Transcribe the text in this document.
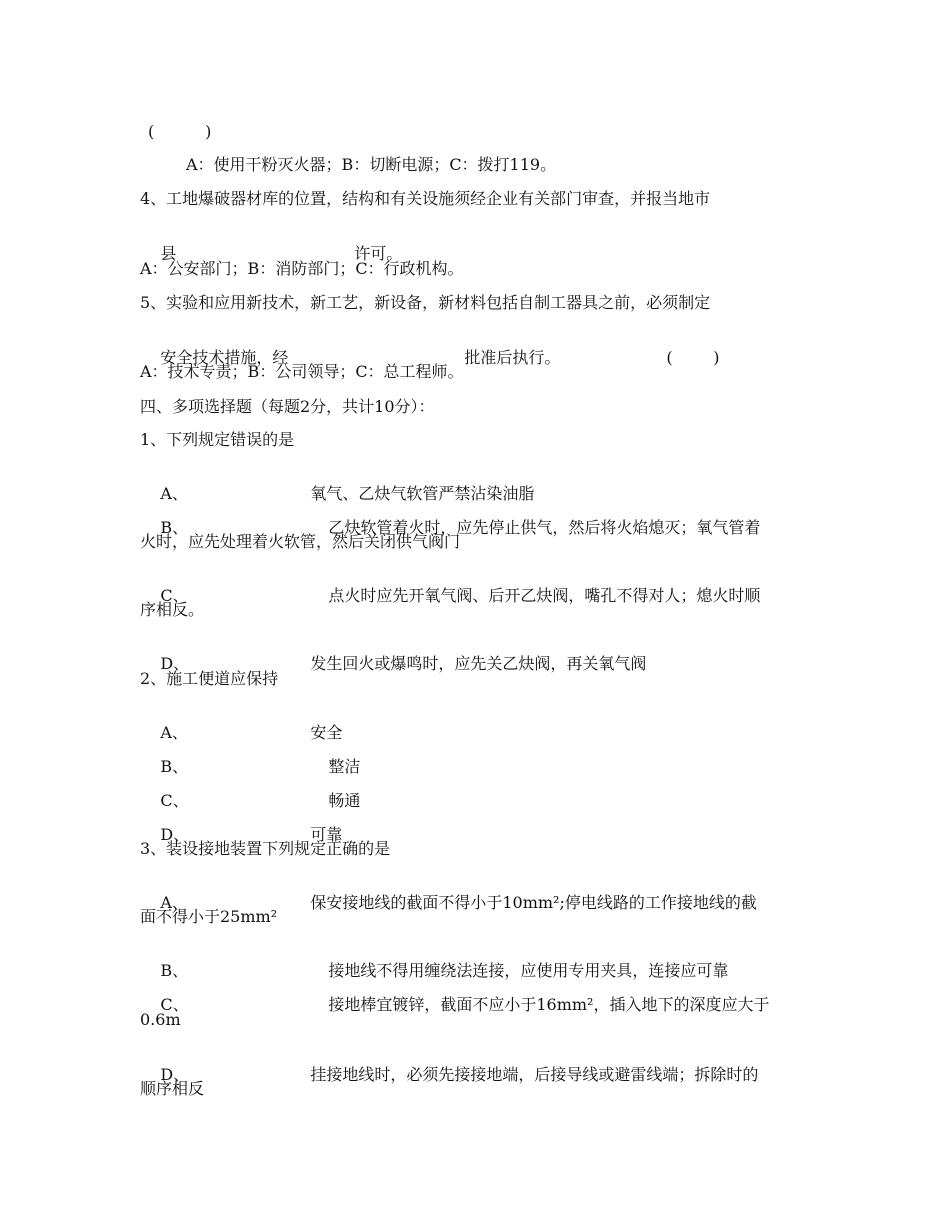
(          )
A：使用干粉灭火器；B：切断电源；C：拨打119。
4、工地爆破器材库的位置，结构和有关设施须经企业有关部门审查，并报当地市

县	许可。

A：公安部门；B：消防部门；C：行政机构。
5、实验和应用新技术，新工艺，新设备，新材料包括自制工器具之前，必须制定

安全技术措施，经	批准后执行。	(        )

A：技术专责；B：公司领导；C：总工程师。
四、多项选择题（每题2分，共计10分）：
1、下列规定错误的是

A、	氧气、乙炔气软管严禁沾染油脂

B、	乙炔软管着火时，应先停止供气，然后将火焰熄灭；氧气管着

火时，应先处理着火软管，然后关闭供气阀门

C、	点火时应先开氧气阀、后开乙炔阀，嘴孔不得对人；熄火时顺

序相反。

D、	发生回火或爆鸣时，应先关乙炔阀，再关氧气阀

2、施工便道应保持

A、	安全

B、	整洁

C、	畅通

D、	可靠

3、装设接地装置下列规定正确的是

A、	保安接地线的截面不得小于10mm²;停电线路的工作接地线的截

面不得小于25mm²

B、	接地线不得用缠绕法连接，应使用专用夹具，连接应可靠

C、	接地棒宜镀锌，截面不应小于16mm²，插入地下的深度应大于

0.6m

D、	挂接地线时，必须先接接地端，后接导线或避雷线端；拆除时的

顺序相反
